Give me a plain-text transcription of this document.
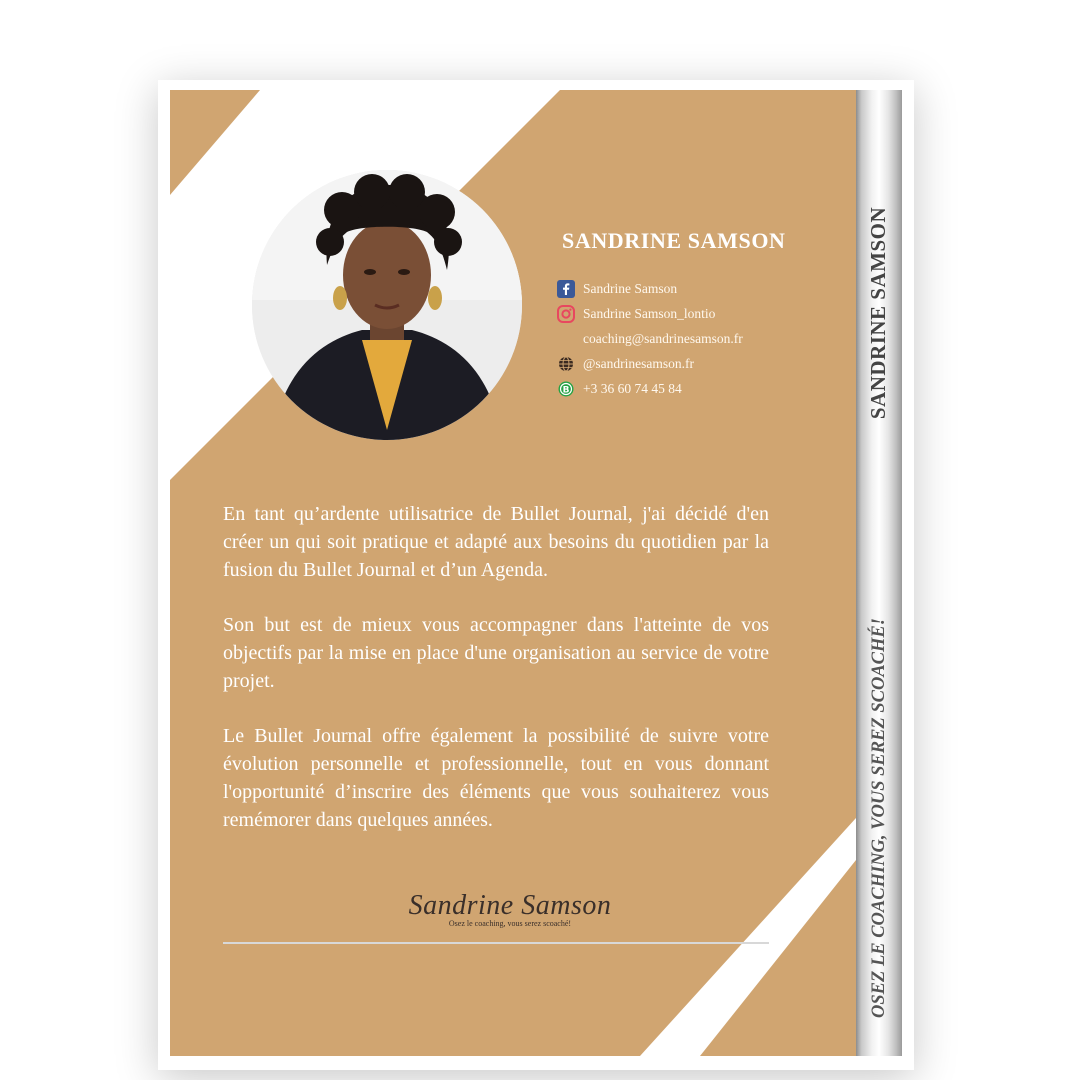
SANDRINE SAMSON
Sandrine Samson
Sandrine Samson_lontio
coaching@sandrinesamson.fr
@sandrinesamson.fr
B +3 36 60 74 45 84

En tant qu’ardente utilisatrice de Bullet Journal, j'ai décidé d'en créer un qui soit pratique et adapté aux besoins du quotidien par la fusion du Bullet Journal et d’un Agenda.

Son but est de mieux vous accompagner dans l'atteinte de vos objectifs par la mise en place d'une organisation au service de votre projet.

Le Bullet Journal offre également la possibilité de suivre votre évolution personnelle et professionnelle, tout en vous donnant l'opportunité d’inscrire des éléments que vous souhaiterez vous remémorer dans quelques années.

Sandrine Samson
Osez le coaching, vous serez scoaché!
SANDRINE SAMSON
OSEZ LE COACHING, VOUS SEREZ SCOACHÉ!
